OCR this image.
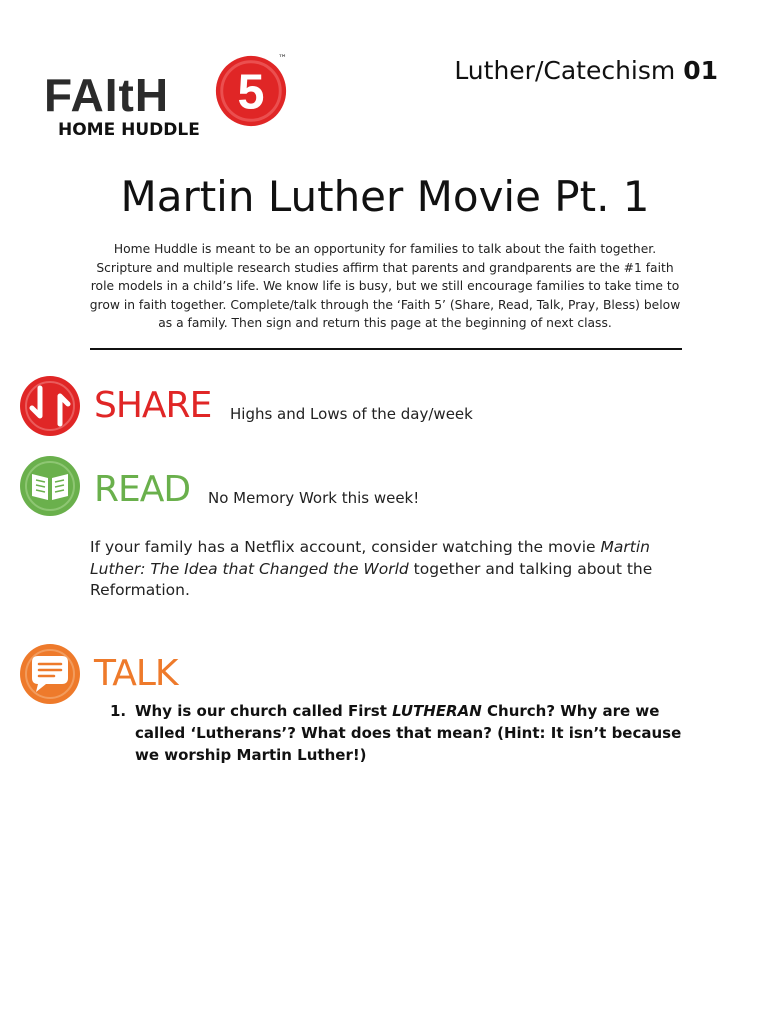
FAItH 5
™
HOME HUDDLE
Luther/Catechism 01
Martin Luther Movie Pt. 1
Home Huddle is meant to be an opportunity for families to talk about the faith together. Scripture and multiple research studies affirm that parents and grandparents are the #1 faith role models in a child’s life. We know life is busy, but we still encourage families to take time to grow in faith together. Complete/talk through the ‘Faith 5’ (Share, Read, Talk, Pray, Bless) below as a family. Then sign and return this page at the beginning of next class.
SHARE Highs and Lows of the day/week
READ No Memory Work this week!
If your family has a Netflix account, consider watching the movie Martin Luther: The Idea that Changed the World together and talking about the Reformation.
TALK
1. Why is our church called First LUTHERAN Church? Why are we called ‘Lutherans’? What does that mean? (Hint: It isn’t because we worship Martin Luther!)
